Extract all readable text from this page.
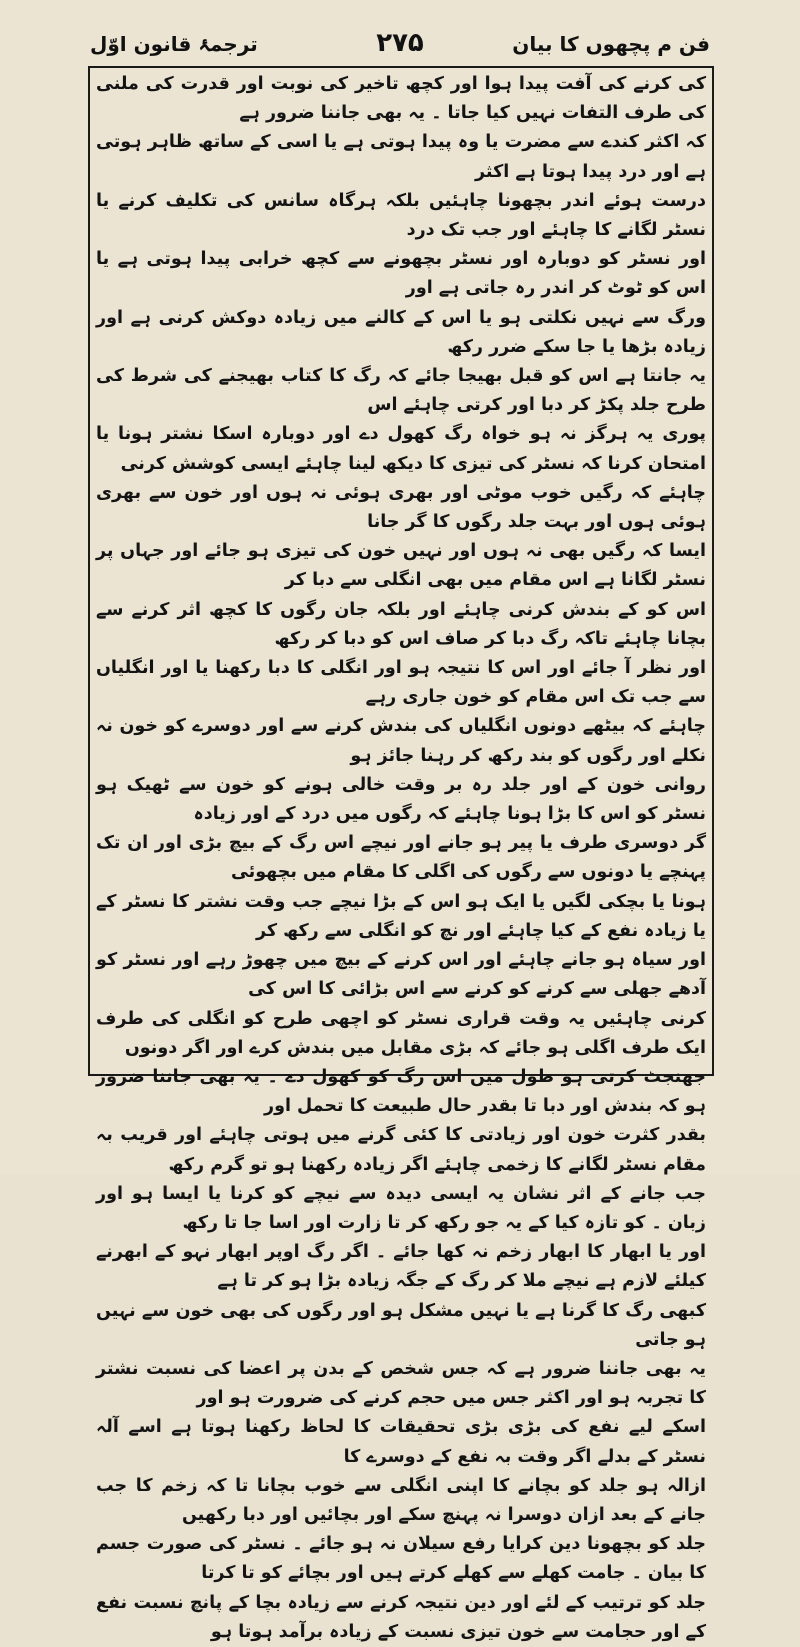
فن م پچھوں کا بیان
۲۷۵
ترجمۂ قانون اوّل

کی کرنے کی آفت پیدا ہوا اور کچھ تاخیر کی نوبت اور قدرت کی ملنی کی طرف التفات نہیں کیا جاتا ۔ یہ بھی جاننا ضرور ہے

کہ اکثر کندے سے مضرت یا وہ پیدا ہوتی ہے یا اسی کے ساتھ ظاہر ہوتی ہے اور درد پیدا ہوتا ہے اکثر

درست ہوئے اندر بچھونا چاہئیں بلکہ ہرگاہ سانس کی تکلیف کرنے یا نسٹر لگانے کا چاہئے اور جب تک درد

اور نسٹر کو دوبارہ اور نسٹر بچھونے سے کچھ خرابی پیدا ہوتی ہے یا اس کو ٹوٹ کر اندر رہ جاتی ہے اور

ورگ سے نہیں نکلتی ہو یا اس کے کالنے میں زیادہ دوکش کرنی ہے اور زیادہ بڑھا یا جا سکے ضرر رکھ

یہ جانتا ہے اس کو قبل بھیجا جائے کہ رگ کا کتاب بھیجنے کی شرط کی طرح جلد پکڑ کر دبا اور کرتی چاہئے اس

پوری یہ ہرگز نہ ہو خواہ رگ کھول دے اور دوبارہ اسکا نشتر ہونا یا امتحان کرنا کہ نسٹر کی تیزی کا دیکھ لینا چاہئے ایسی کوشش کرنی

چاہئے کہ رگیں خوب موٹی اور بھری ہوئی نہ ہوں اور خون سے بھری ہوئی ہوں اور بہت جلد رگوں کا گر جانا

ایسا کہ رگیں بھی نہ ہوں اور نہیں خون کی تیزی ہو جائے اور جہاں پر نسٹر لگانا ہے اس مقام میں بھی انگلی سے دبا کر

اس کو کے بندش کرنی چاہئے اور بلکہ جان رگوں کا کچھ اثر کرنے سے بچانا چاہئے تاکہ رگ دبا کر صاف اس کو دبا کر رکھ

اور نظر آ جائے اور اس کا نتیجہ ہو اور انگلی کا دبا رکھنا یا اور انگلیاں سے جب تک اس مقام کو خون جاری رہے

چاہئے کہ بیٹھے دونوں انگلیاں کی بندش کرنے سے اور دوسرے کو خون نہ نکلے اور رگوں کو بند رکھ کر رہنا جائز ہو

روانی خون کے اور جلد رہ بر وقت خالی ہونے کو خون سے ٹھیک ہو نسٹر کو اس کا بڑا ہونا چاہئے کہ رگوں میں درد کے اور زیادہ

گر دوسری طرف یا پیر ہو جانے اور نیچے اس رگ کے بیچ بڑی اور ان تک پہنچے یا دونوں سے رگوں کی اگلی کا مقام میں بچھوئی

ہونا یا بچکی لگیں یا ایک ہو اس کے بڑا نیچے جب وقت نشتر کا نسٹر کے یا زیادہ نفع کے کیا چاہئے اور نچ کو انگلی سے رکھ کر

اور سیاہ ہو جانے چاہئے اور اس کرنے کے بیچ میں چھوڑ رہے اور نسٹر کو آدھے جھلی سے کرنے کو کرنے سے اس بڑائی کا اس کی

کرنی چاہئیں یہ وقت قراری نسٹر کو اچھی طرح کو انگلی کی طرف ایک طرف اگلی ہو جائے کہ بڑی مقابل میں بندش کرے اور اگر دونوں

جھنجٹ کرتی ہو طول میں اس رگ کو کھول دے ۔ یہ بھی جاننا ضرور ہو کہ بندش اور دبا تا بقدر حال طبیعت کا تحمل اور

بقدر کثرت خون اور زیادتی کا کئی گرنے میں ہوتی چاہئے اور قریب بہ مقام نسٹر لگانے کا زخمی چاہئے اگر زیادہ رکھنا ہو تو گرم رکھ

جب جانے کے اثر نشان یہ ایسی دیدہ سے نیچے کو کرنا یا ایسا ہو اور زبان ۔ کو تازہ کیا کے یہ جو رکھ کر تا زارت اور اسا جا تا رکھ

اور یا ابھار کا ابھار زخم نہ کھا جائے ۔ اگر رگ اوپر ابھار نہو کے ابھرنے کیلئے لازم ہے نیچے ملا کر رگ کے جگہ زیادہ بڑا ہو کر تا ہے

کبھی رگ کا گرنا ہے یا نہیں مشکل ہو اور رگوں کی بھی خون سے نہیں ہو جاتی

یہ بھی جاننا ضرور ہے کہ جس شخص کے بدن پر اعضا کی نسبت نشتر کا تجربہ ہو اور اکثر جس میں حجم کرنے کی ضرورت ہو اور

اسکے لیے نفع کی بڑی بڑی تحقیقات کا لحاظ رکھنا ہوتا ہے اسے آلہ نسٹر کے بدلے اگر وقت بہ نفع کے دوسرے کا

ازالہ ہو جلد کو بچانے کا اپنی انگلی سے خوب بچانا تا کہ زخم کا جب جانے کے بعد ازان دوسرا نہ پہنچ سکے اور بچائیں اور دبا رکھیں

جلد کو بچھونا دین کرایا رفع سیلان نہ ہو جائے ۔ نسٹر کی صورت جسم کا بیان ۔ جامت کھلے سے کھلے کرتے ہیں اور بچائے کو تا کرتا

جلد کو ترتیب کے لئے اور دین نتیجہ کرنے سے زیادہ بچا کے پانچ نسبت نفع کے اور حجامت سے خون تیزی نسبت کے زیادہ برآمد ہوتا ہو
